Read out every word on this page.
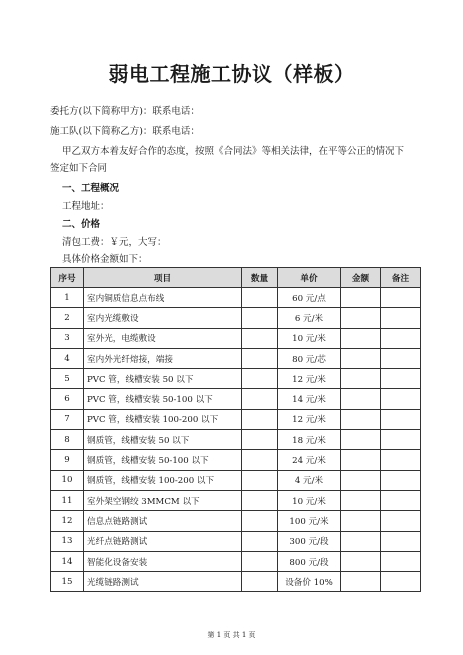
弱电工程施工协议（样板）
委托方(以下简称甲方)：联系电话：
施工队(以下简称乙方)：联系电话：
甲乙双方本着友好合作的态度，按照《合同法》等相关法律，在平等公正的情况下
签定如下合同
一、工程概况
工程地址：
二、价格
清包工费：￥元，大写：
具体价格金额如下：
序号	项目	数量	单价	金额	备注
1	室内铜质信息点布线		60 元/点		
2	室内光缆敷设		6 元/米		
3	室外光，电缆敷设		10 元/米		
4	室内外光纤熔接，端接		80 元/芯		
5	PVC 管，线槽安装 50 以下		12 元/米		
6	PVC 管，线槽安装 50-100 以下		14 元/米		
7	PVC 管，线槽安装 100-200 以下		12 元/米		
8	钢质管，线槽安装 50 以下		18 元/米		
9	钢质管，线槽安装 50-100 以下		24 元/米		
10	钢质管，线槽安装 100-200 以下		4 元/米		
11	室外架空钢绞 3MMCM 以下		10 元/米		
12	信息点链路测试		100 元/米		
13	光纤点链路测试		300 元/段		
14	智能化设备安装		800 元/段		
15	光缆链路测试		设备价 10%		
第 1 页 共 1 页
